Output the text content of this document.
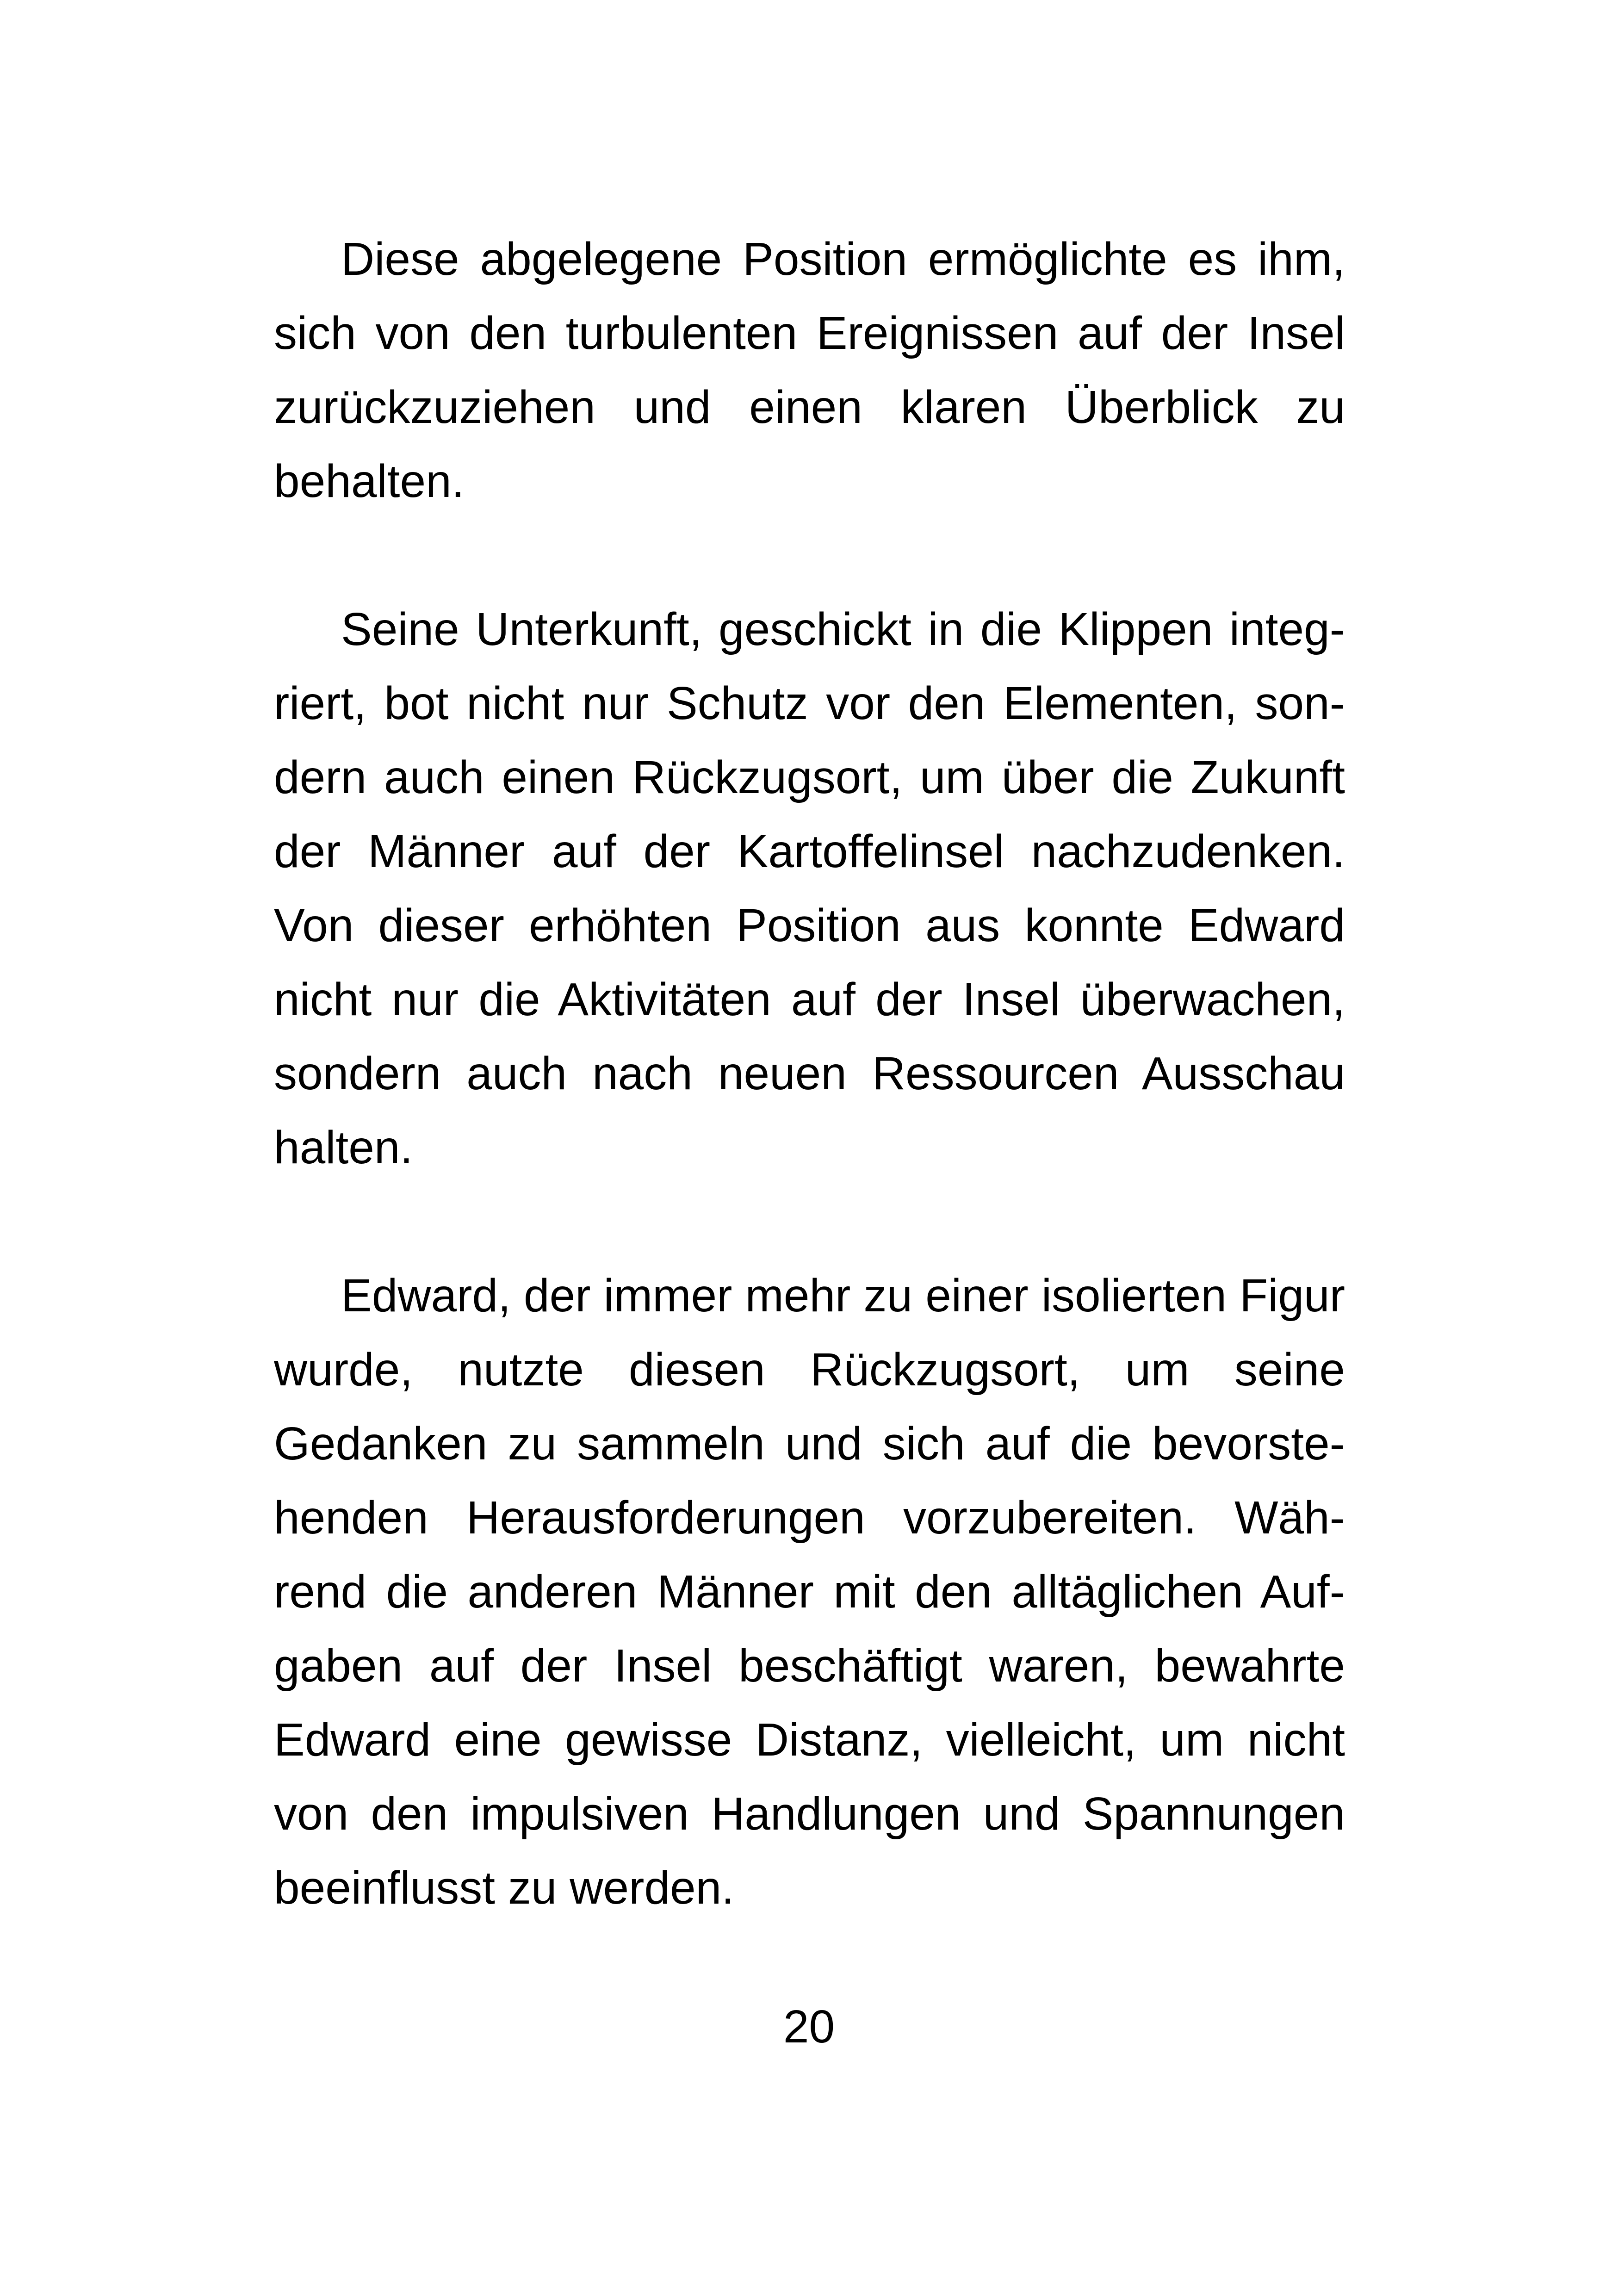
Diese abgelegene Position ermöglichte es ihm,
sich von den turbulenten Ereignissen auf der Insel
zurückzuziehen und einen klaren Überblick zu
behalten.
Seine Unterkunft, geschickt in die Klippen integ-
riert, bot nicht nur Schutz vor den Elementen, son-
dern auch einen Rückzugsort, um über die Zukunft
der Männer auf der Kartoffelinsel nachzudenken.
Von dieser erhöhten Position aus konnte Edward
nicht nur die Aktivitäten auf der Insel überwachen,
sondern auch nach neuen Ressourcen Ausschau
halten.
Edward, der immer mehr zu einer isolierten Figur
wurde, nutzte diesen Rückzugsort, um seine
Gedanken zu sammeln und sich auf die bevorste-
henden Herausforderungen vorzubereiten. Wäh-
rend die anderen Männer mit den alltäglichen Auf-
gaben auf der Insel beschäftigt waren, bewahrte
Edward eine gewisse Distanz, vielleicht, um nicht
von den impulsiven Handlungen und Spannungen
beeinflusst zu werden.
20
